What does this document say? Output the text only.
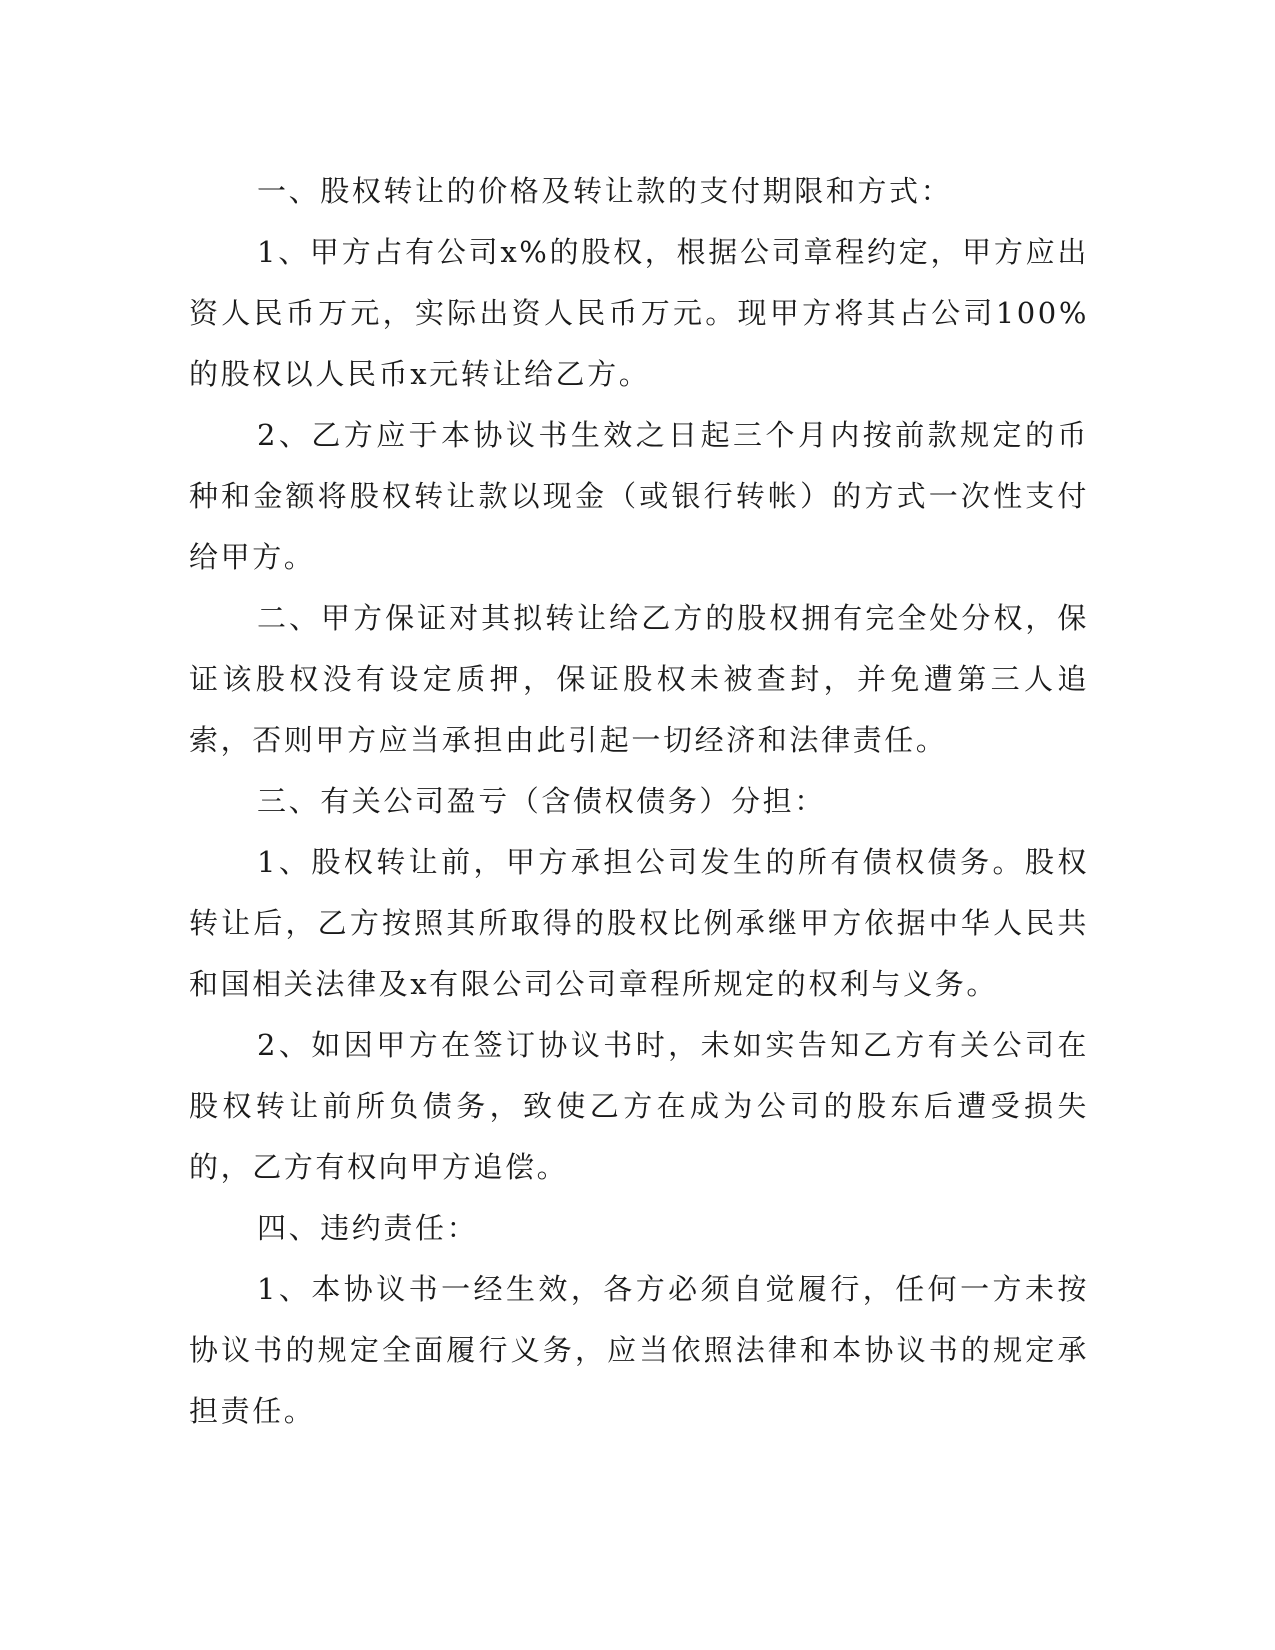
一、股权转让的价格及转让款的支付期限和方式：

1、甲方占有公司x%的股权，根据公司章程约定，甲方应出资人民币万元，实际出资人民币万元。现甲方将其占公司100%的股权以人民币x元转让给乙方。

2、乙方应于本协议书生效之日起三个月内按前款规定的币种和金额将股权转让款以现金（或银行转帐）的方式一次性支付给甲方。

二、甲方保证对其拟转让给乙方的股权拥有完全处分权，保证该股权没有设定质押，保证股权未被查封，并免遭第三人追索，否则甲方应当承担由此引起一切经济和法律责任。

三、有关公司盈亏（含债权债务）分担：

1、股权转让前，甲方承担公司发生的所有债权债务。股权转让后，乙方按照其所取得的股权比例承继甲方依据中华人民共和国相关法律及x有限公司公司章程所规定的权利与义务。

2、如因甲方在签订协议书时，未如实告知乙方有关公司在股权转让前所负债务，致使乙方在成为公司的股东后遭受损失的，乙方有权向甲方追偿。

四、违约责任：

1、本协议书一经生效，各方必须自觉履行，任何一方未按协议书的规定全面履行义务，应当依照法律和本协议书的规定承担责任。
